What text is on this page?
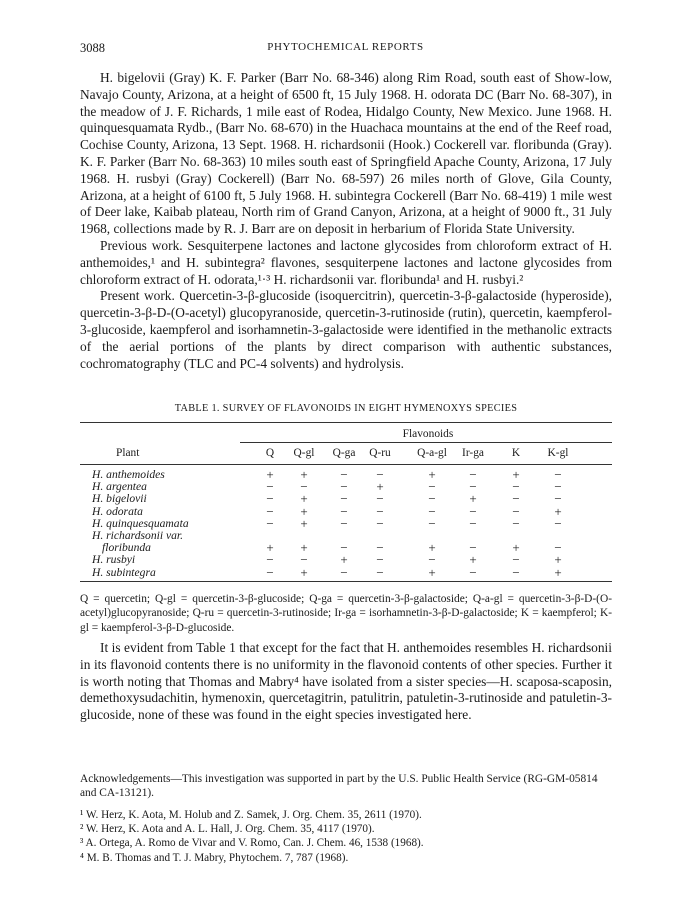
3088	PHYTOCHEMICAL REPORTS

H. bigelovii (Gray) K. F. Parker (Barr No. 68-346) along Rim Road, south east of Show-low, Navajo County, Arizona, at a height of 6500 ft, 15 July 1968. H. odorata DC (Barr No. 68-307), in the meadow of J. F. Richards, 1 mile east of Rodea, Hidalgo County, New Mexico. June 1968. H. quinquesquamata Rydb., (Barr No. 68-670) in the Huachaca mountains at the end of the Reef road, Cochise County, Arizona, 13 Sept. 1968. H. richardsonii (Hook.) Cockerell var. floribunda (Gray). K. F. Parker (Barr No. 68-363) 10 miles south east of Springfield Apache County, Arizona, 17 July 1968. H. rusbyi (Gray) Cockerell) (Barr No. 68-597) 26 miles north of Glove, Gila County, Arizona, at a height of 6100 ft, 5 July 1968. H. subintegra Cockerell (Barr No. 68-419) 1 mile west of Deer lake, Kaibab plateau, North rim of Grand Canyon, Arizona, at a height of 9000 ft., 31 July 1968, collections made by R. J. Barr are on deposit in herbarium of Florida State University.

Previous work. Sesquiterpene lactones and lactone glycosides from chloroform extract of H. anthemoides,¹ and H. subintegra² flavones, sesquiterpene lactones and lactone glycosides from chloroform extract of H. odorata,¹·³ H. richardsonii var. floribunda¹ and H. rusbyi.²

Present work. Quercetin-3-β-glucoside (isoquercitrin), quercetin-3-β-galactoside (hyperoside), quercetin-3-β-D-(O-acetyl) glucopyranoside, quercetin-3-rutinoside (rutin), quercetin, kaempferol-3-glucoside, kaempferol and isorhamnetin-3-galactoside were identified in the methanolic extracts of the aerial portions of the plants by direct comparison with authentic substances, cochromatography (TLC and PC-4 solvents) and hydrolysis.

TABLE 1. SURVEY OF FLAVONOIDS IN EIGHT HYMENOXYS SPECIES
Flavonoids
Plant	Q	Q-gl	Q-ga	Q-ru	Q-a-gl	Ir-ga	K	K-gl
H. anthemoides	+	+	−	−	+	−	+	−
H. argentea	−	−	−	+	−	−	−	−
H. bigelovii	−	+	−	−	−	+	−	−
H. odorata	−	+	−	−	−	−	−	+
H. quinquesquamata	−	+	−	−	−	−	−	−
H. richardsonii var.
floribunda	+	+	−	−	+	−	+	−
H. rusbyi	−	−	+	−	−	+	−	+
H. subintegra	−	+	−	−	+	−	−	+
Q = quercetin; Q-gl = quercetin-3-β-glucoside; Q-ga = quercetin-3-β-galactoside; Q-a-gl = quercetin-3-β-D-(O-acetyl)glucopyranoside; Q-ru = quercetin-3-rutinoside; Ir-ga = isorhamnetin-3-β-D-galactoside; K = kaempferol; K-gl = kaempferol-3-β-D-glucoside.

It is evident from Table 1 that except for the fact that H. anthemoides resembles H. richardsonii in its flavonoid contents there is no uniformity in the flavonoid contents of other species. Further it is worth noting that Thomas and Mabry⁴ have isolated from a sister species—H. scaposa-scaposin, demethoxysudachitin, hymenoxin, quercetagitrin, patulitrin, patuletin-3-rutinoside and patuletin-3-glucoside, none of these was found in the eight species investigated here.

Acknowledgements—This investigation was supported in part by the U.S. Public Health Service (RG-GM-05814 and CA-13121).

¹ W. Herz, K. Aota, M. Holub and Z. Samek, J. Org. Chem. 35, 2611 (1970).

² W. Herz, K. Aota and A. L. Hall, J. Org. Chem. 35, 4117 (1970).

³ A. Ortega, A. Romo de Vivar and V. Romo, Can. J. Chem. 46, 1538 (1968).

⁴ M. B. Thomas and T. J. Mabry, Phytochem. 7, 787 (1968).
